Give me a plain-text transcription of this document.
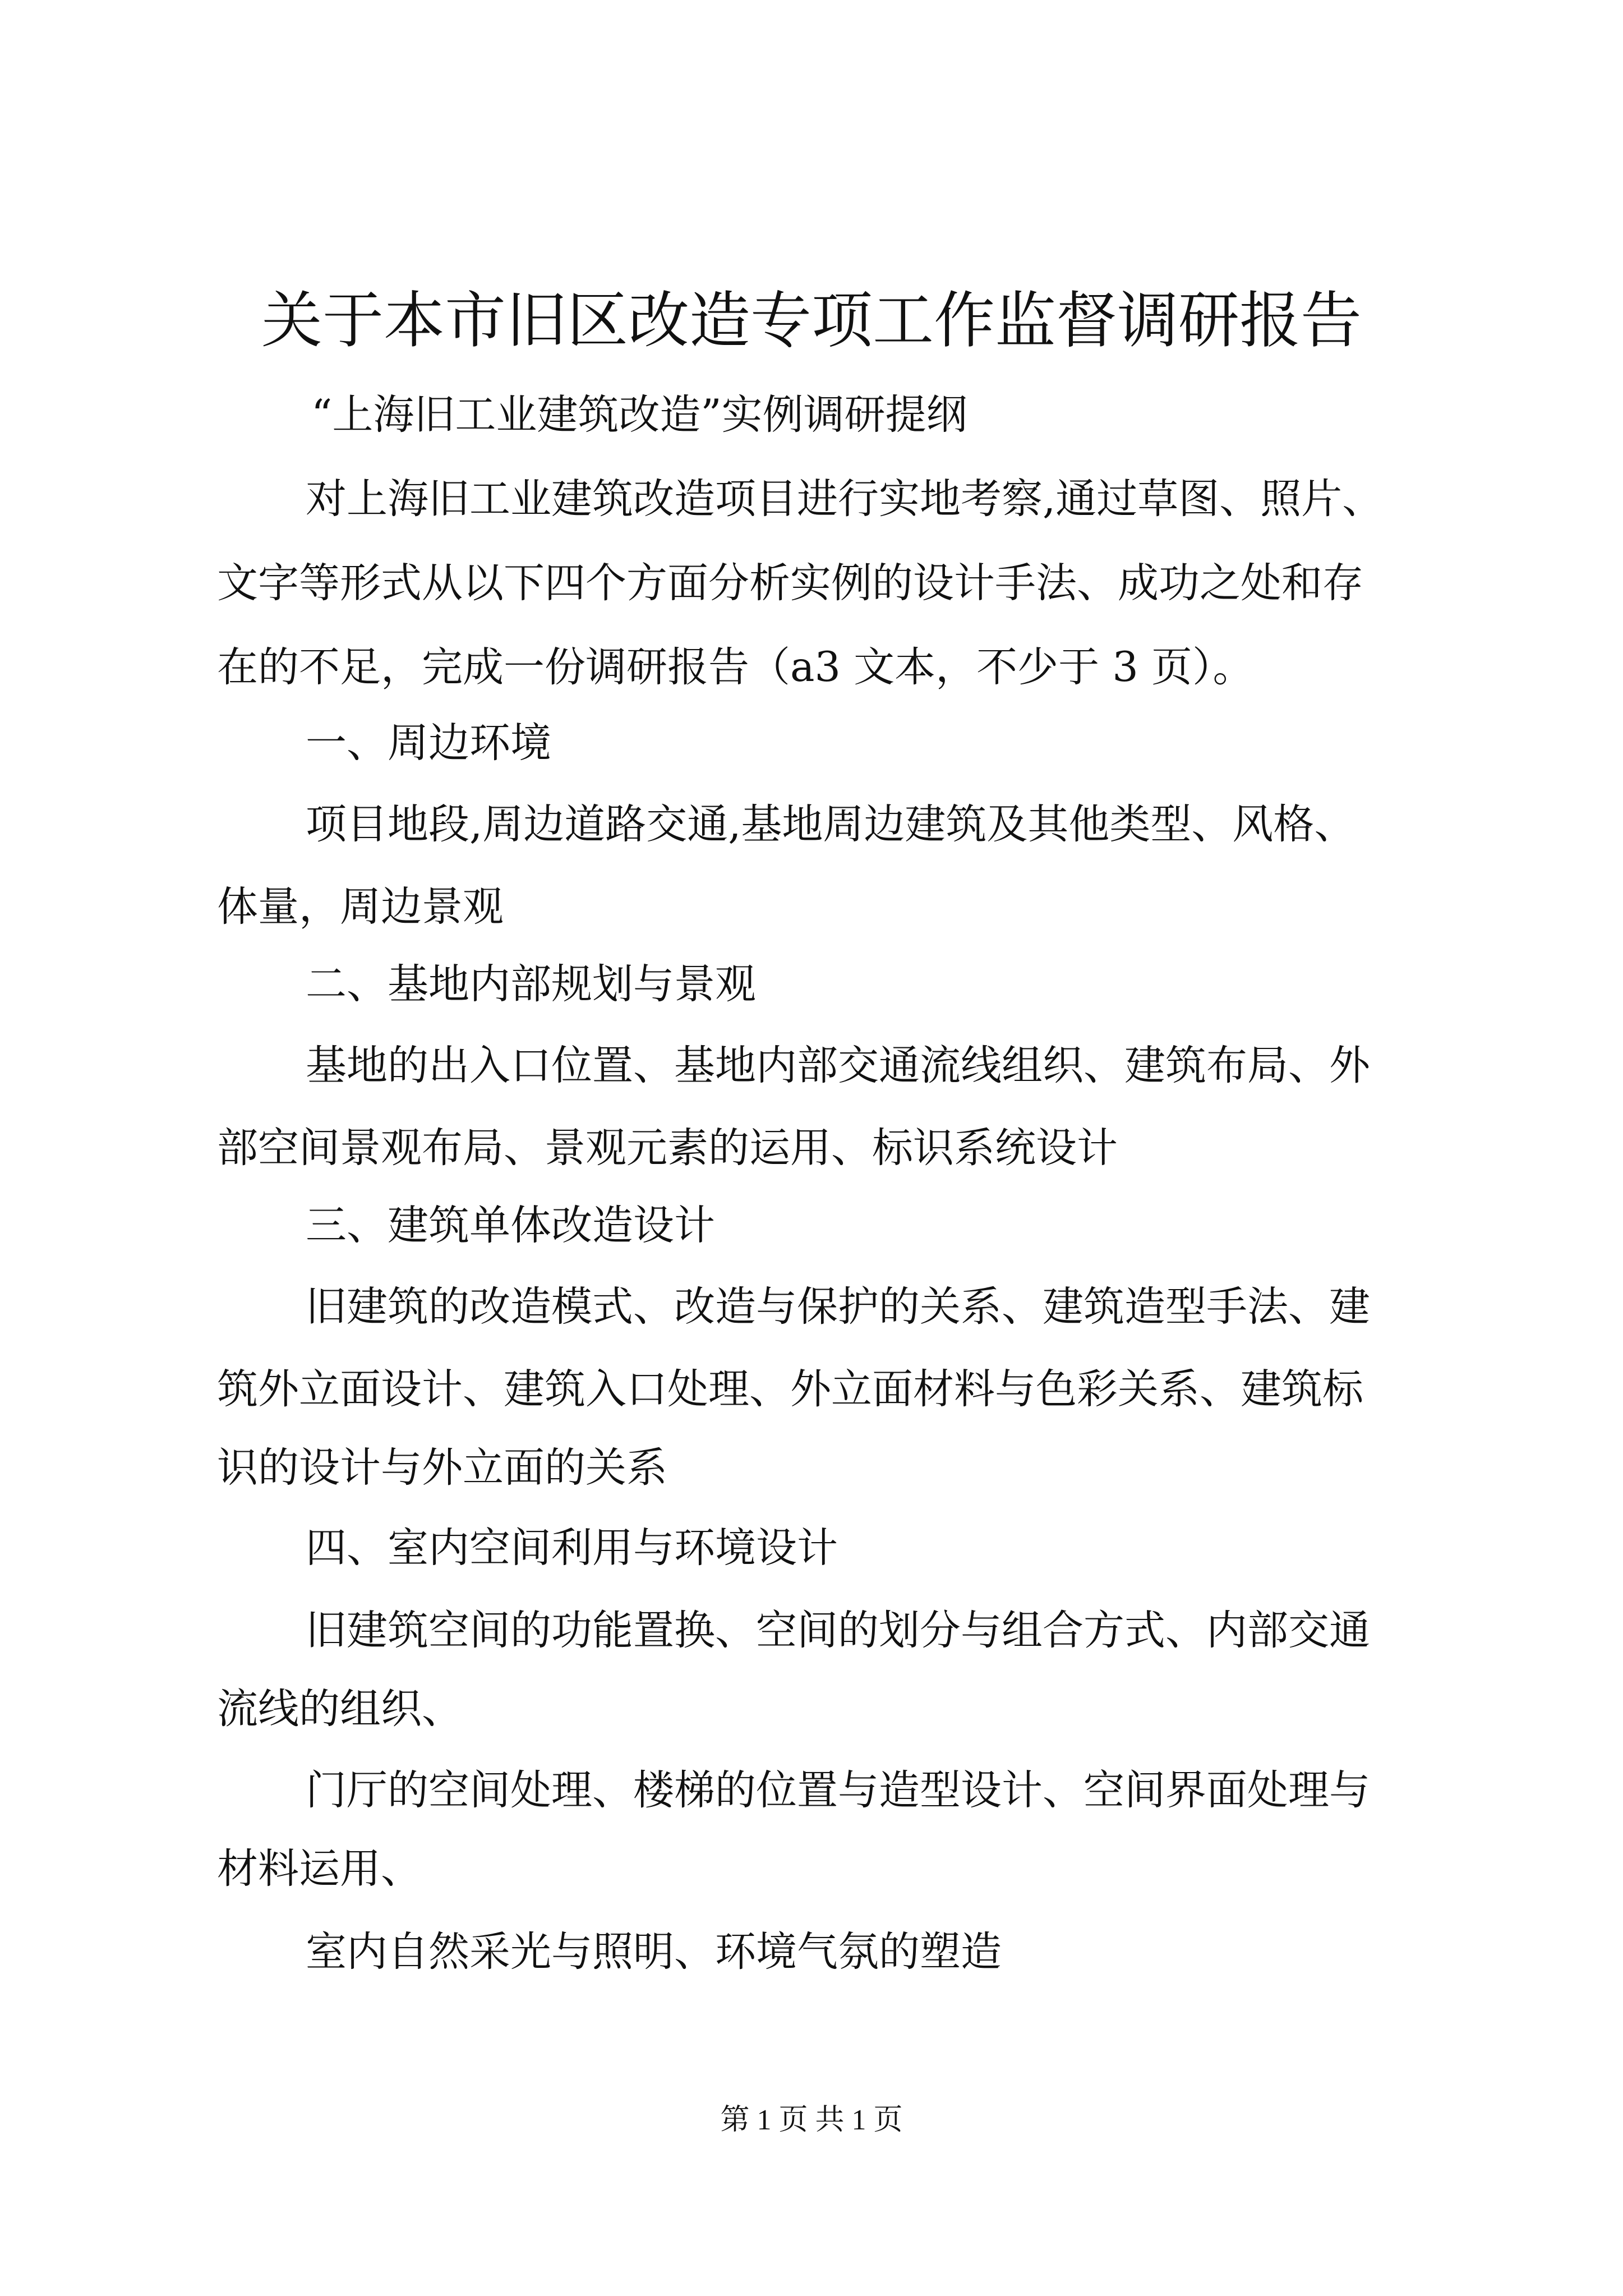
关于本市旧区改造专项工作监督调研报告

“上海旧工业建筑改造”实例调研提纲

对上海旧工业建筑改造项目进行实地考察,通过草图、照片、

文字等形式从以下四个方面分析实例的设计手法、成功之处和存

在的不足，完成一份调研报告（a3 文本，不少于 3 页）。

一、周边环境

项目地段,周边道路交通,基地周边建筑及其他类型、风格、

体量，周边景观

二、基地内部规划与景观

基地的出入口位置、基地内部交通流线组织、建筑布局、外

部空间景观布局、景观元素的运用、标识系统设计

三、建筑单体改造设计

旧建筑的改造模式、改造与保护的关系、建筑造型手法、建

筑外立面设计、建筑入口处理、外立面材料与色彩关系、建筑标

识的设计与外立面的关系

四、室内空间利用与环境设计

旧建筑空间的功能置换、空间的划分与组合方式、内部交通

流线的组织、

门厅的空间处理、楼梯的位置与造型设计、空间界面处理与

材料运用、

室内自然采光与照明、环境气氛的塑造

第 1 页 共 1 页
